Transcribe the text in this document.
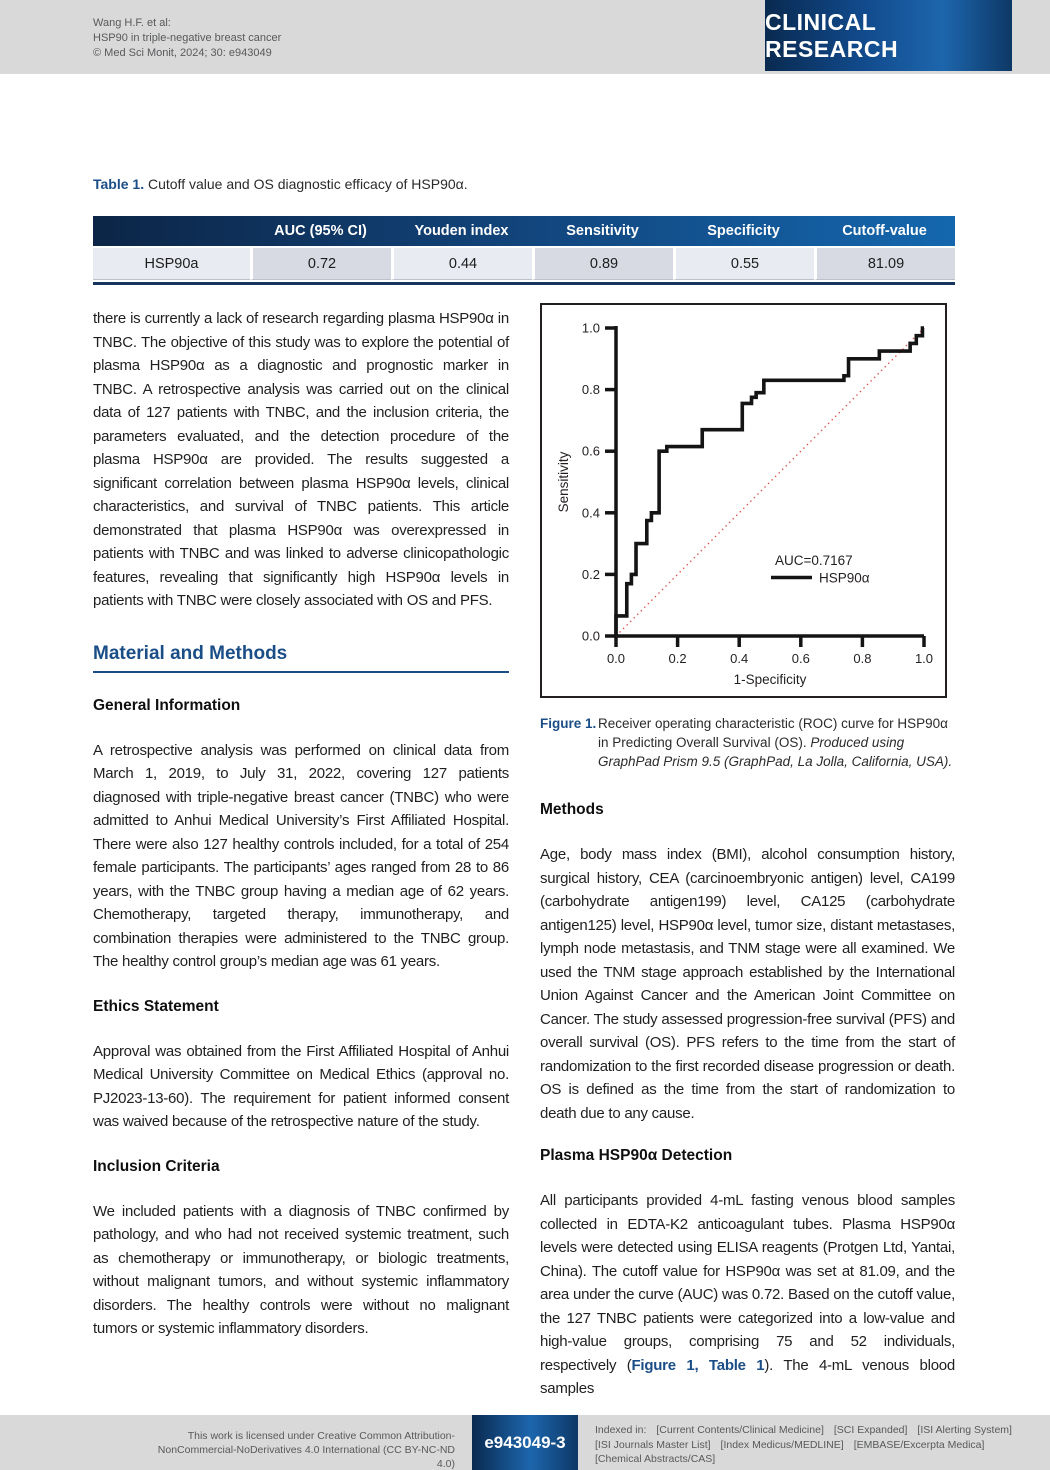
Wang H.F. et al:
HSP90 in triple-negative breast cancer
© Med Sci Monit, 2024; 30: e943049
CLINICAL RESEARCH
Table 1. Cutoff value and OS diagnostic efficacy of HSP90α.
	AUC (95% CI)	Youden index	Sensitivity	Specificity	Cutoff-value
HSP90a	0.72	0.44	0.89	0.55	81.09

there is currently a lack of research regarding plasma HSP90α in TNBC. The objective of this study was to explore the potential of plasma HSP90α as a diagnostic and prognostic marker in TNBC. A retrospective analysis was carried out on the clinical data of 127 patients with TNBC, and the inclusion criteria, the parameters evaluated, and the detection procedure of the plasma HSP90α are provided. The results suggested a significant correlation between plasma HSP90α levels, clinical characteristics, and survival of TNBC patients. This article demonstrated that plasma HSP90α was overexpressed in patients with TNBC and was linked to adverse clinicopathologic features, revealing that significantly high HSP90α levels in patients with TNBC were closely associated with OS and PFS.

Material and Methods
General Information

A retrospective analysis was performed on clinical data from March 1, 2019, to July 31, 2022, covering 127 patients diagnosed with triple-negative breast cancer (TNBC) who were admitted to Anhui Medical University’s First Affiliated Hospital. There were also 127 healthy controls included, for a total of 254 female participants. The participants’ ages ranged from 28 to 86 years, with the TNBC group having a median age of 62 years. Chemotherapy, targeted therapy, immunotherapy, and combination therapies were administered to the TNBC group. The healthy control group’s median age was 61 years.

Ethics Statement

Approval was obtained from the First Affiliated Hospital of Anhui Medical University Committee on Medical Ethics (approval no. PJ2023-13-60). The requirement for patient informed consent was waived because of the retrospective nature of the study.

Inclusion Criteria

We included patients with a diagnosis of TNBC confirmed by pathology, and who had not received systemic treatment, such as chemotherapy or immunotherapy, or biologic treatments, without malignant tumors, and without systemic inflammatory disorders. The healthy controls were without no malignant tumors or systemic inflammatory disorders.

0.0
0.2
0.4
0.6
0.8
1.0
0.0	0.2	0.4	0.6	0.8	1.0
1-Specificity
Sensitivity
AUC=0.7167
HSP90α
Figure 1. Receiver operating characteristic (ROC) curve for HSP90α in Predicting Overall Survival (OS). Produced using GraphPad Prism 9.5 (GraphPad, La Jolla, California, USA).
Methods

Age, body mass index (BMI), alcohol consumption history, surgical history, CEA (carcinoembryonic antigen) level, CA199 (carbohydrate antigen199) level, CA125 (carbohydrate antigen125) level, HSP90α level, tumor size, distant metastases, lymph node metastasis, and TNM stage were all examined. We used the TNM stage approach established by the International Union Against Cancer and the American Joint Committee on Cancer. The study assessed progression-free survival (PFS) and overall survival (OS). PFS refers to the time from the start of randomization to the first recorded disease progression or death. OS is defined as the time from the start of randomization to death due to any cause.

Plasma HSP90α Detection

All participants provided 4-mL fasting venous blood samples collected in EDTA-K2 anticoagulant tubes. Plasma HSP90α levels were detected using ELISA reagents (Protgen Ltd, Yantai, China). The cutoff value for HSP90α was set at 81.09, and the area under the curve (AUC) was 0.72. Based on the cutoff value, the 127 TNBC patients were categorized into a low-value and high-value groups, comprising 75 and 52 individuals, respectively (Figure 1, Table 1). The 4-mL venous blood samples

This work is licensed under Creative Common Attribution-
NonCommercial-NoDerivatives 4.0 International (CC BY-NC-ND 4.0)
e943049-3
Indexed in: [Current Contents/Clinical Medicine] [SCI Expanded] [ISI Alerting System][ISI Journals Master List] [Index Medicus/MEDLINE] [EMBASE/Excerpta Medica][Chemical Abstracts/CAS]
